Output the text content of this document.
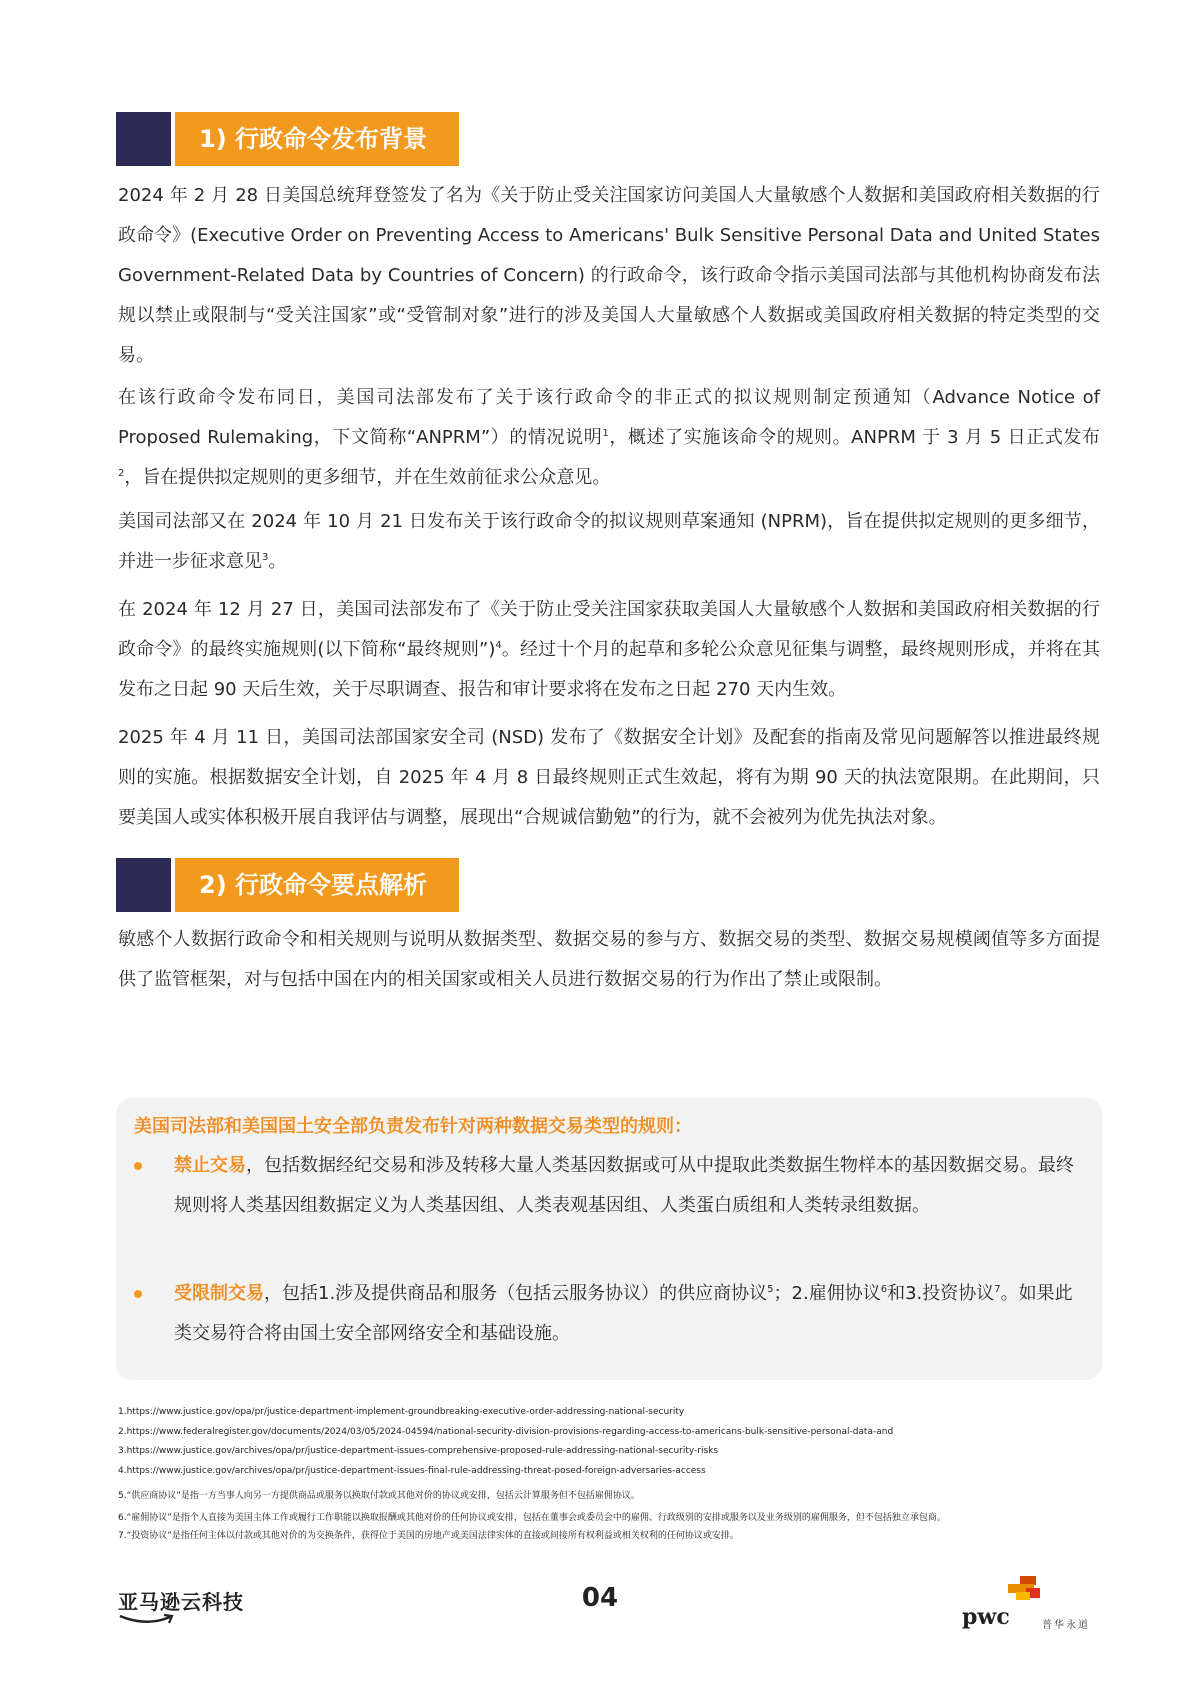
1) 行政命令发布背景
2024 年 2 月 28 日美国总统拜登签发了名为《关于防止受关注国家访问美国人大量敏感个人数据和美国政府相关数据的行政命令》(Executive Order on Preventing Access to Americans' Bulk Sensitive Personal Data and United States Government-Related Data by Countries of Concern) 的行政命令，该行政命令指示美国司法部与其他机构协商发布法规以禁止或限制与“受关注国家”或“受管制对象”进行的涉及美国人大量敏感个人数据或美国政府相关数据的特定类型的交易。
在该行政命令发布同日，美国司法部发布了关于该行政命令的非正式的拟议规则制定预通知（Advance Notice of Proposed Rulemaking，下文简称“ANPRM”）的情况说明$^1$，概述了实施该命令的规则。ANPRM 于 3 月 5 日正式发布$^2$，旨在提供拟定规则的更多细节，并在生效前征求公众意见。
美国司法部又在 2024 年 10 月 21 日发布关于该行政命令的拟议规则草案通知 (NPRM)，旨在提供拟定规则的更多细节，并进一步征求意见$^3$。
在 2024 年 12 月 27 日，美国司法部发布了《关于防止受关注国家获取美国人大量敏感个人数据和美国政府相关数据的行政命令》的最终实施规则(以下简称“最终规则”)$^4$。经过十个月的起草和多轮公众意见征集与调整，最终规则形成，并将在其发布之日起 90 天后生效，关于尽职调查、报告和审计要求将在发布之日起 270 天内生效。
2025 年 4 月 11 日，美国司法部国家安全司 (NSD) 发布了《数据安全计划》及配套的指南及常见问题解答以推进最终规则的实施。根据数据安全计划，自 2025 年 4 月 8 日最终规则正式生效起，将有为期 90 天的执法宽限期。在此期间，只要美国人或实体积极开展自我评估与调整，展现出“合规诚信勤勉”的行为，就不会被列为优先执法对象。
2) 行政命令要点解析
敏感个人数据行政命令和相关规则与说明从数据类型、数据交易的参与方、数据交易的类型、数据交易规模阈值等多方面提供了监管框架，对与包括中国在内的相关国家或相关人员进行数据交易的行为作出了禁止或限制。
美国司法部和美国国土安全部负责发布针对两种数据交易类型的规则：
禁止交易，包括数据经纪交易和涉及转移大量人类基因数据或可从中提取此类数据生物样本的基因数据交易。最终规则将人类基因组数据定义为人类基因组、人类表观基因组、人类蛋白质组和人类转录组数据。
受限制交易，包括1.涉及提供商品和服务（包括云服务协议）的供应商协议$^5$；2.雇佣协议$^6$和3.投资协议$^7$。如果此类交易符合将由国土安全部网络安全和基础设施。
1.https://www.justice.gov/opa/pr/justice-department-implement-groundbreaking-executive-order-addressing-national-security
2.https://www.federalregister.gov/documents/2024/03/05/2024-04594/national-security-division-provisions-regarding-access-to-americans-bulk-sensitive-personal-data-and
3.https://www.justice.gov/archives/opa/pr/justice-department-issues-comprehensive-proposed-rule-addressing-national-security-risks
4.https://www.justice.gov/archives/opa/pr/justice-department-issues-final-rule-addressing-threat-posed-foreign-adversaries-access
5.“供应商协议”是指一方当事人向另一方提供商品或服务以换取付款或其他对价的协议或安排，包括云计算服务但不包括雇佣协议。
6.“雇佣协议”是指个人直接为美国主体工作或履行工作职能以换取报酬或其他对价的任何协议或安排，包括在董事会或委员会中的雇佣、行政级别的安排或服务以及业务级别的雇佣服务，但不包括独立承包商。
7.“投资协议”是指任何主体以付款或其他对价的为交换条件，获得位于美国的房地产或美国法律实体的直接或间接所有权利益或相关权利的任何协议或安排。
亚马逊云科技	04
pwc	普华永道
